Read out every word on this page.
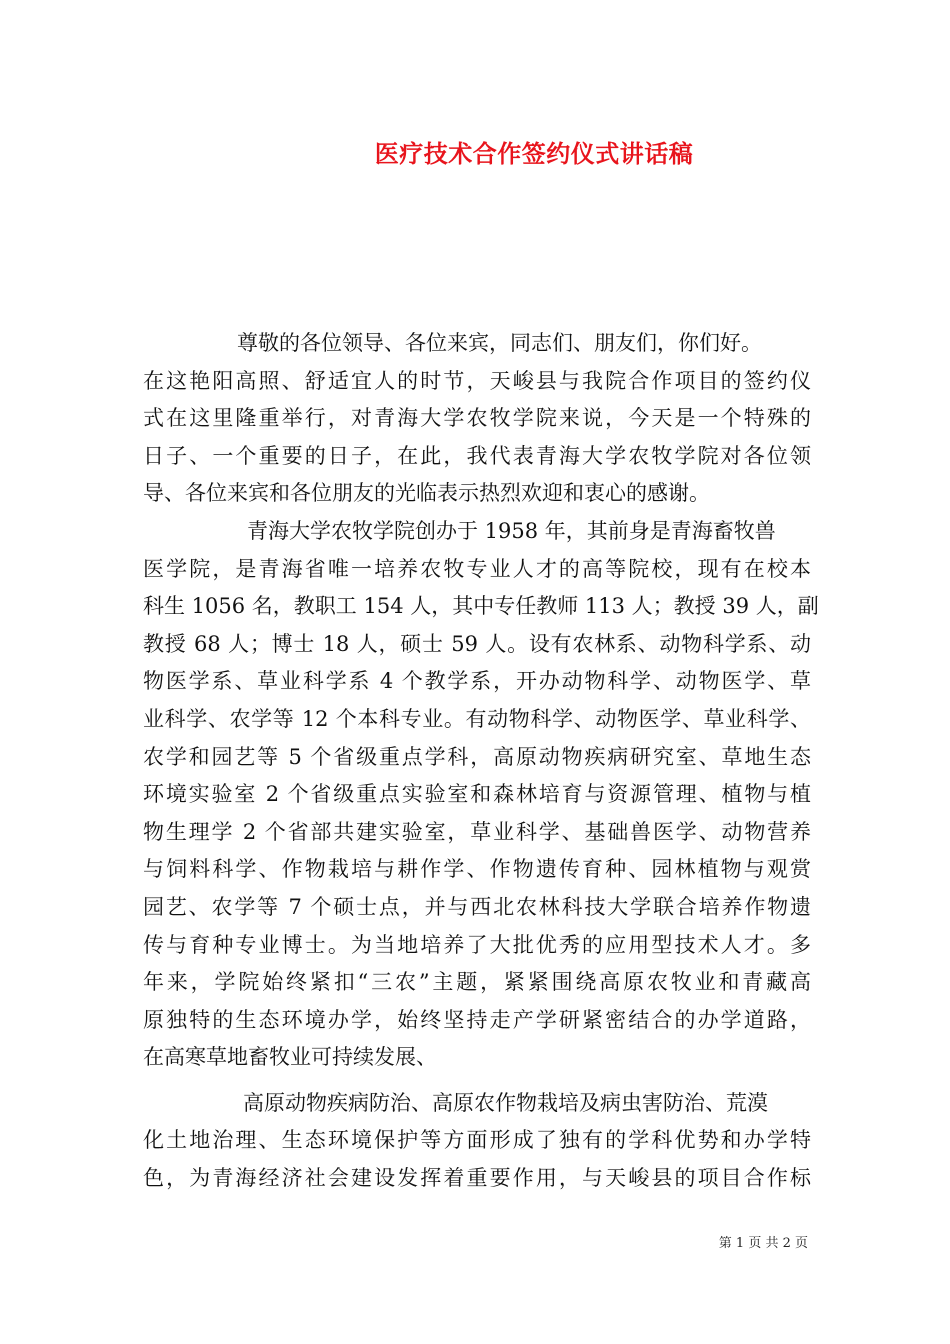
医疗技术合作签约仪式讲话稿
尊敬的各位领导、各位来宾，同志们、朋友们，你们好。
在这艳阳高照、舒适宜人的时节，天峻县与我院合作项目的签约仪
式在这里隆重举行，对青海大学农牧学院来说，今天是一个特殊的
日子、一个重要的日子，在此，我代表青海大学农牧学院对各位领
导、各位来宾和各位朋友的光临表示热烈欢迎和衷心的感谢。
青海大学农牧学院创办于 1958 年，其前身是青海畜牧兽
医学院，是青海省唯一培养农牧专业人才的高等院校，现有在校本
科生 1056 名，教职工 154 人，其中专任教师 113 人；教授 39 人，副
教授 68 人；博士 18 人，硕士 59 人。设有农林系、动物科学系、动
物医学系、草业科学系 4 个教学系，开办动物科学、动物医学、草
业科学、农学等 12 个本科专业。有动物科学、动物医学、草业科学、
农学和园艺等 5 个省级重点学科，高原动物疾病研究室、草地生态
环境实验室 2 个省级重点实验室和森林培育与资源管理、植物与植
物生理学 2 个省部共建实验室，草业科学、基础兽医学、动物营养
与饲料科学、作物栽培与耕作学、作物遗传育种、园林植物与观赏
园艺、农学等 7 个硕士点，并与西北农林科技大学联合培养作物遗
传与育种专业博士。为当地培养了大批优秀的应用型技术人才。多
年来，学院始终紧扣“三农”主题，紧紧围绕高原农牧业和青藏高
原独特的生态环境办学，始终坚持走产学研紧密结合的办学道路，
在高寒草地畜牧业可持续发展、
高原动物疾病防治、高原农作物栽培及病虫害防治、荒漠
化土地治理、生态环境保护等方面形成了独有的学科优势和办学特
色，为青海经济社会建设发挥着重要作用，与天峻县的项目合作标
第 1 页 共 2 页
